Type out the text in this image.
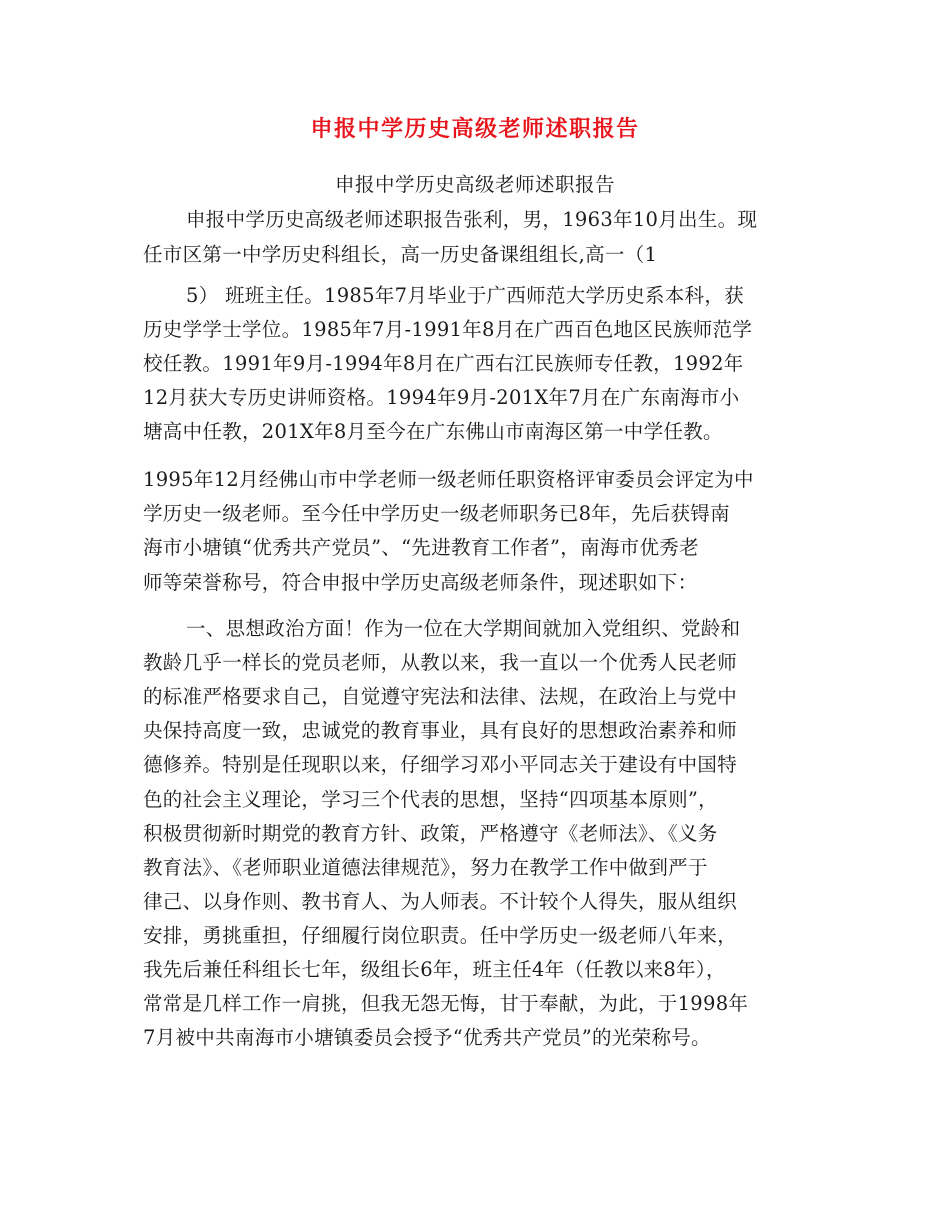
申报中学历史高级老师述职报告
申报中学历史高级老师述职报告
申报中学历史高级老师述职报告张利，男，1963年10月出生。现
任市区第一中学历史科组长，高一历史备课组组长,高一（1
5） 班班主任。1985年7月毕业于广西师范大学历史系本科，获
历史学学士学位。1985年7月-1991年8月在广西百色地区民族师范学
校任教。1991年9月-1994年8月在广西右江民族师专任教，1992年
12月获大专历史讲师资格。1994年9月-201X年7月在广东南海市小
塘高中任教，201X年8月至今在广东佛山市南海区第一中学任教。
1995年12月经佛山市中学老师一级老师任职资格评审委员会评定为中
学历史一级老师。至今任中学历史一级老师职务已8年，先后获锝南
海市小塘镇“优秀共产党员”、“先进教育工作者”，南海市优秀老
师等荣誉称号，符合申报中学历史高级老师条件，现述职如下：
一、思想政治方面！作为一位在大学期间就加入党组织、党龄和
教龄几乎一样长的党员老师，从教以来，我一直以一个优秀人民老师
的标准严格要求自己，自觉遵守宪法和法律、法规，在政治上与党中
央保持高度一致，忠诚党的教育事业，具有良好的思想政治素养和师
德修养。特别是任现职以来，仔细学习邓小平同志关于建设有中国特
色的社会主义理论，学习三个代表的思想，坚持“四项基本原则”，
积极贯彻新时期党的教育方针、政策，严格遵守《老师法》、《义务
教育法》、《老师职业道德法律规范》，努力在教学工作中做到严于
律己、以身作则、教书育人、为人师表。不计较个人得失，服从组织
安排，勇挑重担，仔细履行岗位职责。任中学历史一级老师八年来，
我先后兼任科组长七年，级组长6年，班主任4年（任教以来8年），
常常是几样工作一肩挑，但我无怨无悔，甘于奉献，为此，于1998年
7月被中共南海市小塘镇委员会授予“优秀共产党员”的光荣称号。
